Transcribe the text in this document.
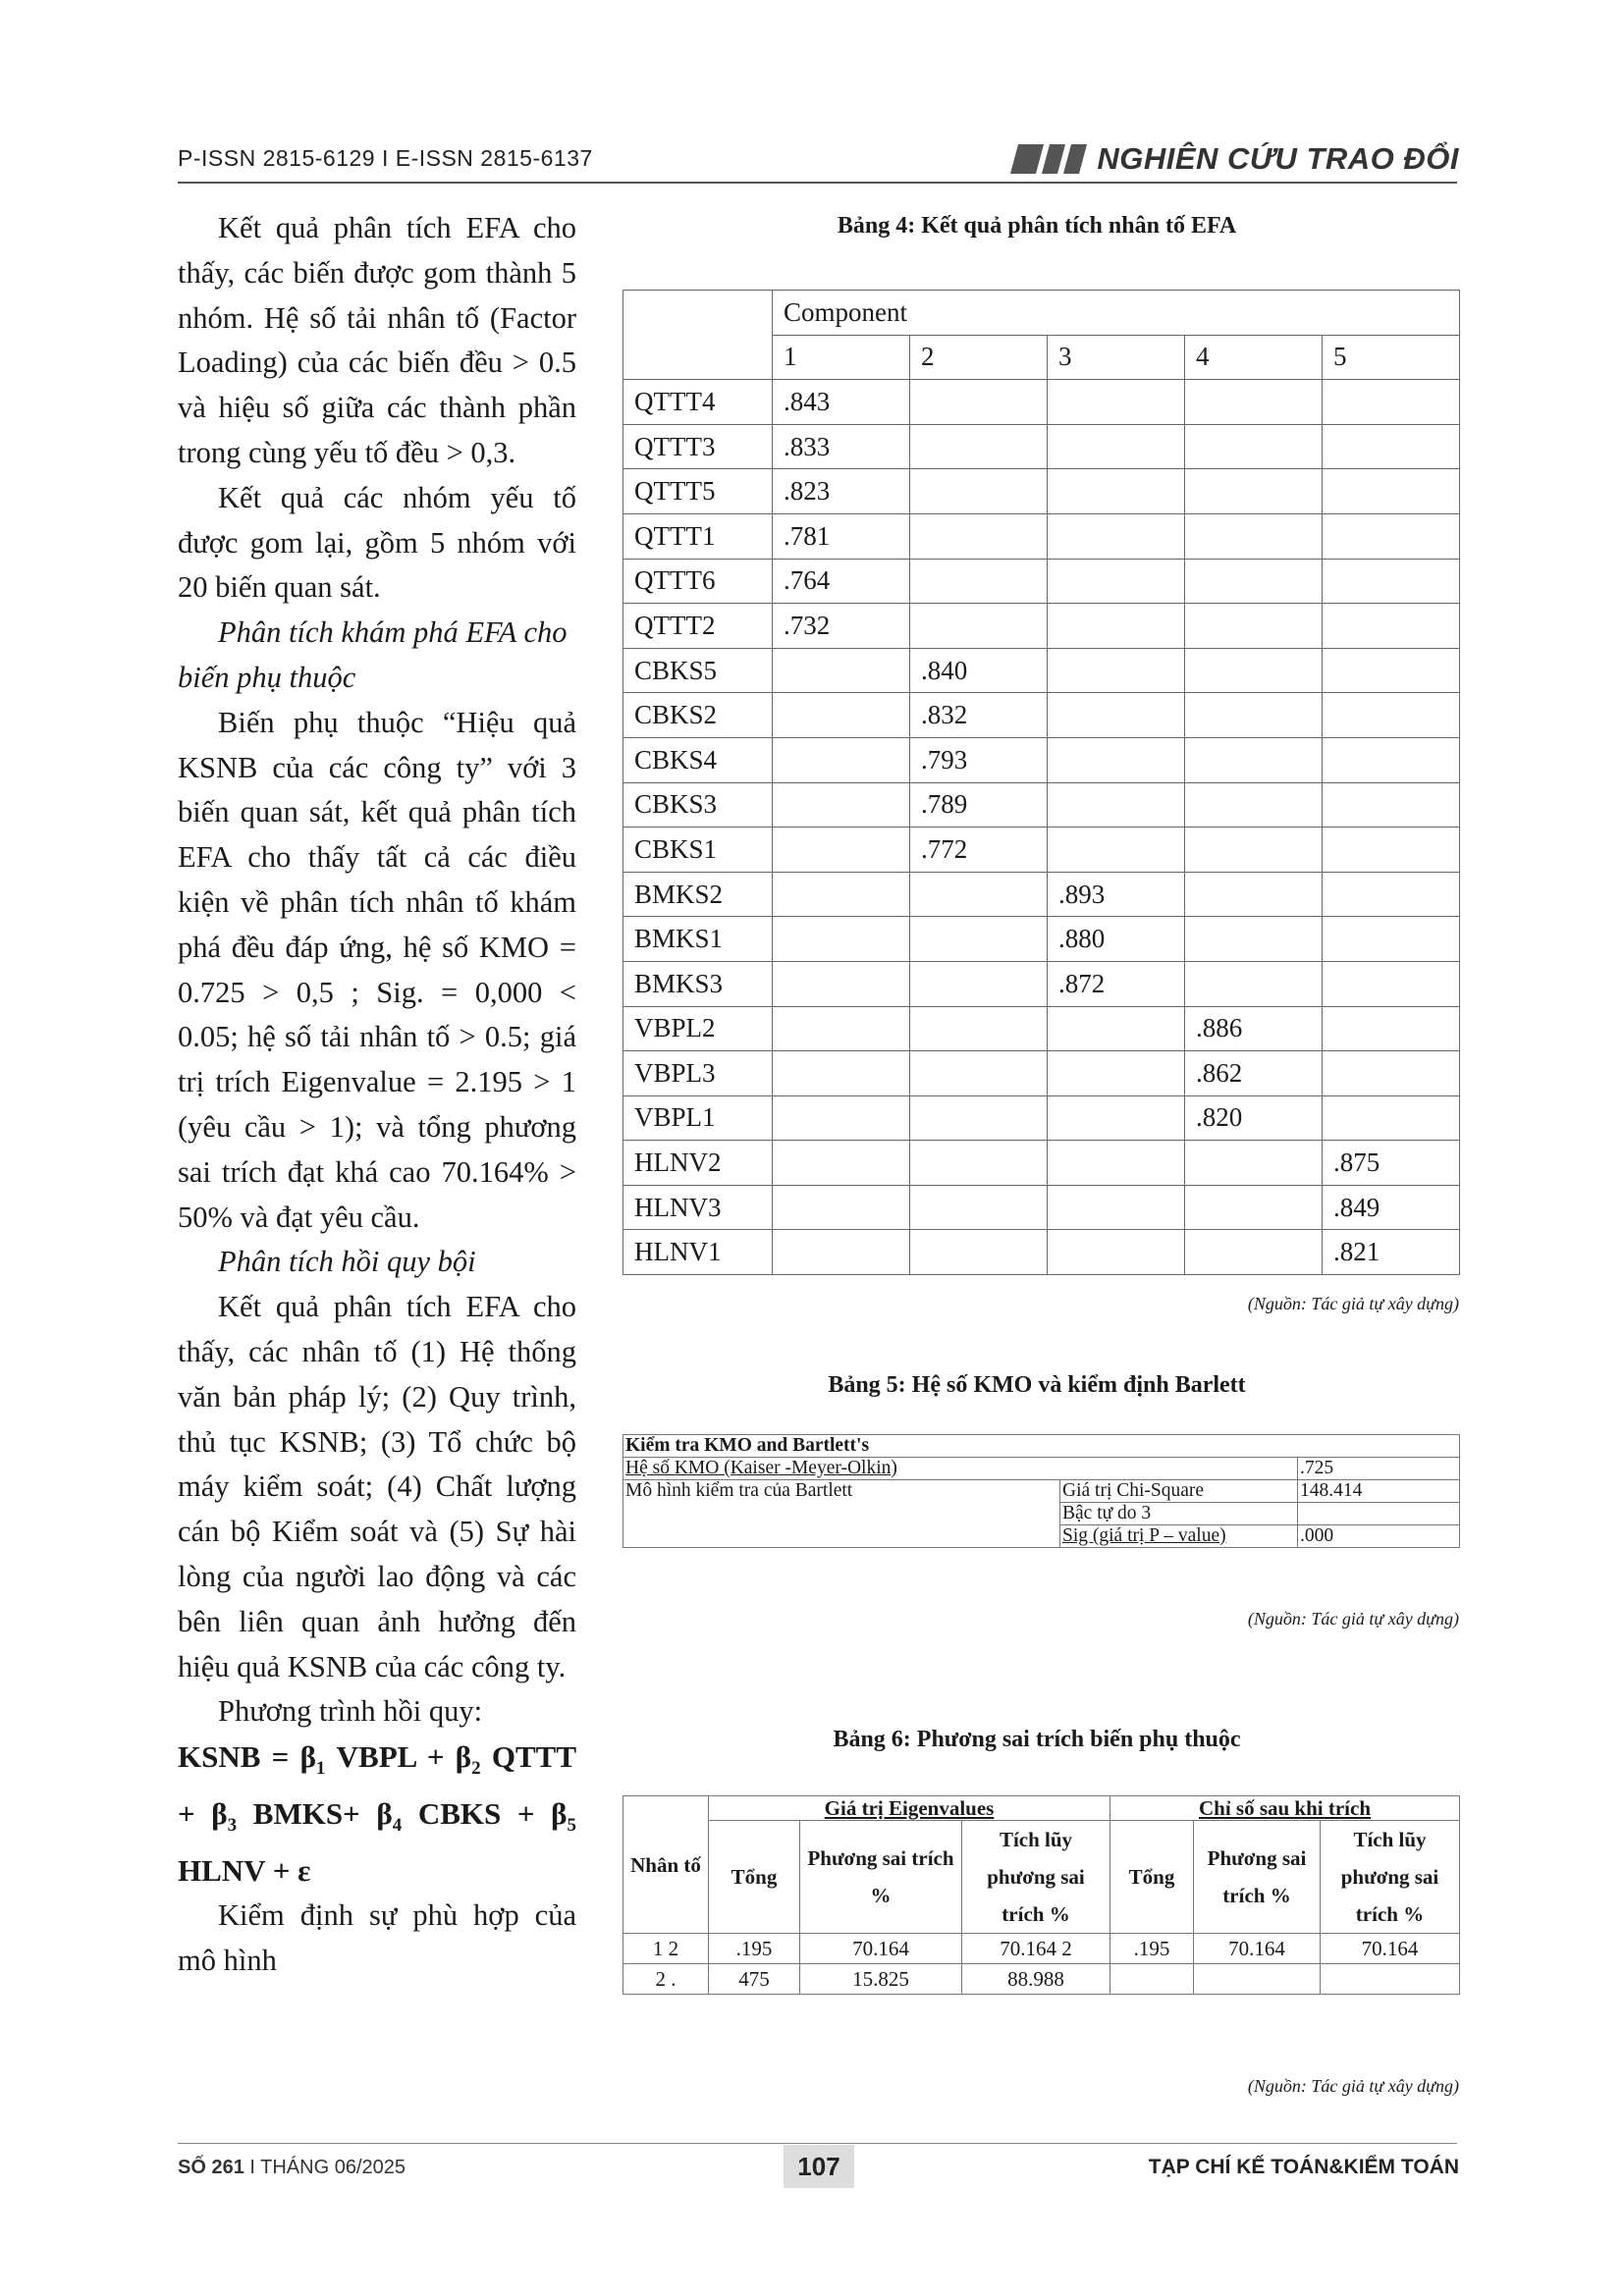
P-ISSN 2815-6129 I E-ISSN 2815-6137	NGHIÊN CỨU TRAO ĐỔI

Kết quả phân tích EFA cho thấy, các biến được gom thành 5 nhóm. Hệ số tải nhân tố (Factor Loading) của các biến đều > 0.5 và hiệu số giữa các thành phần trong cùng yếu tố đều > 0,3.

Kết quả các nhóm yếu tố được gom lại, gồm 5 nhóm với 20 biến quan sát.

Phân tích khám phá EFA cho biến phụ thuộc

Biến phụ thuộc “Hiệu quả KSNB của các công ty” với 3 biến quan sát, kết quả phân tích EFA cho thấy tất cả các điều kiện về phân tích nhân tố khám phá đều đáp ứng, hệ số KMO = 0.725 > 0,5 ; Sig. = 0,000 < 0.05; hệ số tải nhân tố > 0.5; giá trị trích Eigenvalue = 2.195 > 1 (yêu cầu > 1); và tổng phương sai trích đạt khá cao 70.164% > 50% và đạt yêu cầu.

Phân tích hồi quy bội

Kết quả phân tích EFA cho thấy, các nhân tố (1) Hệ thống văn bản pháp lý; (2) Quy trình, thủ tục KSNB; (3) Tổ chức bộ máy kiểm soát; (4) Chất lượng cán bộ Kiểm soát và (5) Sự hài lòng của người lao động và các bên liên quan ảnh hưởng đến hiệu quả KSNB của các công ty.

Phương trình hồi quy:

KSNB = $\beta_1$ VBPL + $\beta_2$ QTTT + $\beta_3$ BMKS+ $\beta_4$ CBKS + $\beta_5$ HLNV + ε

Kiểm định sự phù hợp của mô hình

Bảng 4: Kết quả phân tích nhân tố EFA
	Component				
	1	2	3	4	5
QTTT4	.843				
QTTT3	.833				
QTTT5	.823				
QTTT1	.781				
QTTT6	.764				
QTTT2	.732				
CBKS5		.840			
CBKS2		.832			
CBKS4		.793			
CBKS3		.789			
CBKS1		.772			
BMKS2			.893		
BMKS1			.880		
BMKS3			.872		
VBPL2				.886	
VBPL3				.862	
VBPL1				.820	
HLNV2					.875
HLNV3					.849
HLNV1					.821
(Nguồn: Tác giả tự xây dựng)
Bảng 5: Hệ số KMO và kiểm định Barlett
Kiểm tra KMO and Bartlett's		
Hệ số KMO (Kaiser -Meyer-Olkin)		.725
Mô hình kiểm tra của Bartlett	Giá trị Chi-Square	148.414
	Bậc tự do 3	
	Sig (giá trị P – value)	.000
(Nguồn: Tác giả tự xây dựng)
Bảng 6: Phương sai trích biến phụ thuộc
Nhân tố	Giá trị Eigenvalues			Chỉ số sau khi trích		
	Tổng	Phương sai trích %	Tích lũy phương sai trích %	Tổng	Phương sai trích %	Tích lũy phương sai trích %
1 2	.195	70.164	70.164 2	.195	70.164	70.164
2 .	475	15.825	88.988			
(Nguồn: Tác giả tự xây dựng)
SỐ 261 I THÁNG 06/2025	107	TẠP CHÍ KẾ TOÁN&KIỂM TOÁN
